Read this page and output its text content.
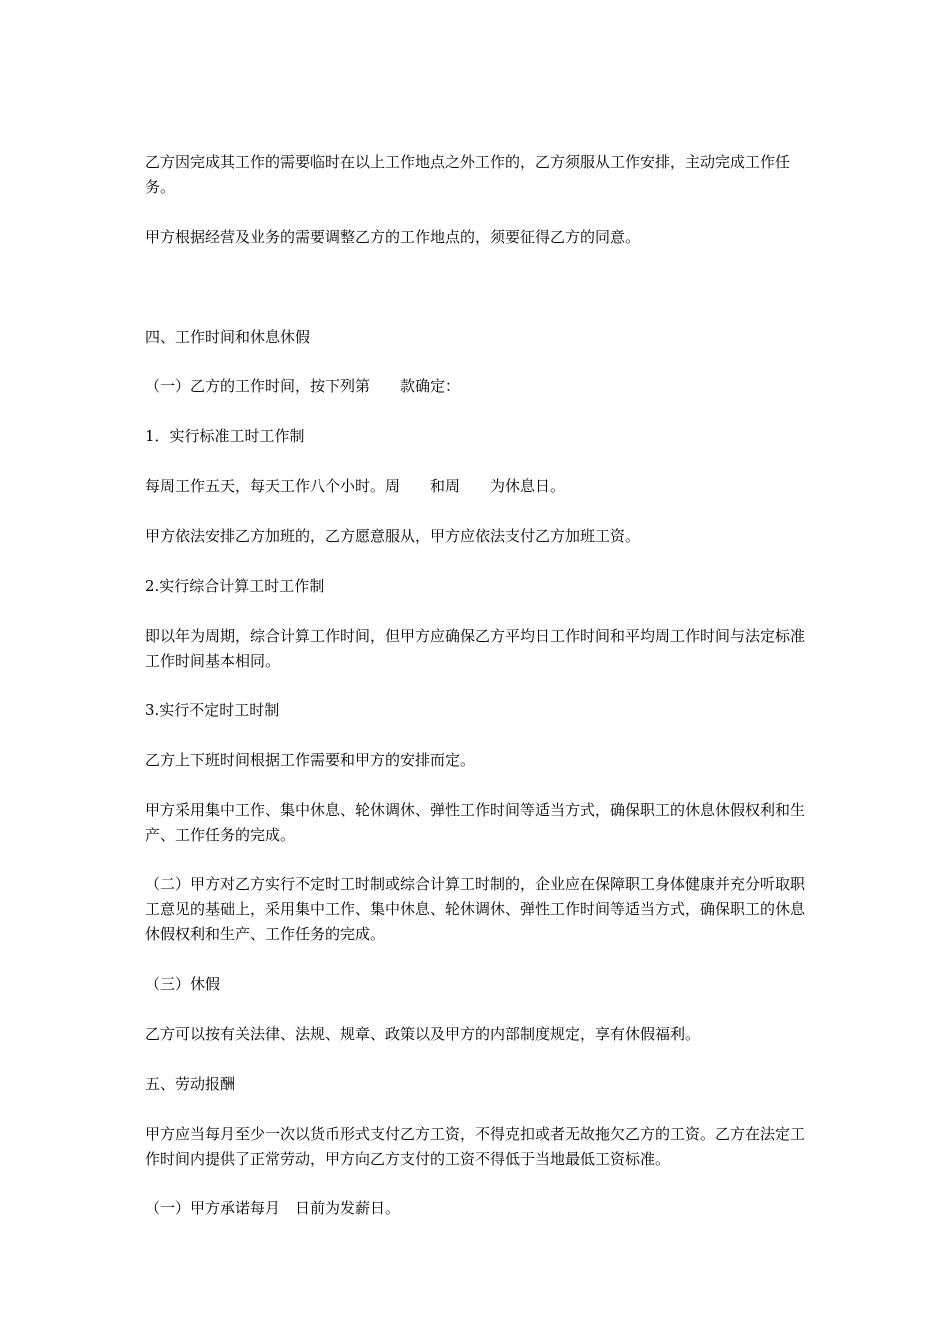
乙方因完成其工作的需要临时在以上工作地点之外工作的，乙方须服从工作安排，主动完成工作任务。

甲方根据经营及业务的需要调整乙方的工作地点的，须要征得乙方的同意。

四、工作时间和休息休假

（一）乙方的工作时间，按下列第　　款确定：

1．实行标准工时工作制

每周工作五天，每天工作八个小时。周　　和周　　为休息日。

甲方依法安排乙方加班的，乙方愿意服从，甲方应依法支付乙方加班工资。

2.实行综合计算工时工作制

即以年为周期，综合计算工作时间，但甲方应确保乙方平均日工作时间和平均周工作时间与法定标准工作时间基本相同。

3.实行不定时工时制

乙方上下班时间根据工作需要和甲方的安排而定。

甲方采用集中工作、集中休息、轮休调休、弹性工作时间等适当方式，确保职工的休息休假权利和生产、工作任务的完成。

（二）甲方对乙方实行不定时工时制或综合计算工时制的，企业应在保障职工身体健康并充分听取职工意见的基础上，采用集中工作、集中休息、轮休调休、弹性工作时间等适当方式，确保职工的休息休假权利和生产、工作任务的完成。

（三）休假

乙方可以按有关法律、法规、规章、政策以及甲方的内部制度规定，享有休假福利。

五、劳动报酬

甲方应当每月至少一次以货币形式支付乙方工资，不得克扣或者无故拖欠乙方的工资。乙方在法定工作时间内提供了正常劳动，甲方向乙方支付的工资不得低于当地最低工资标准。

（一）甲方承诺每月　日前为发薪日。
